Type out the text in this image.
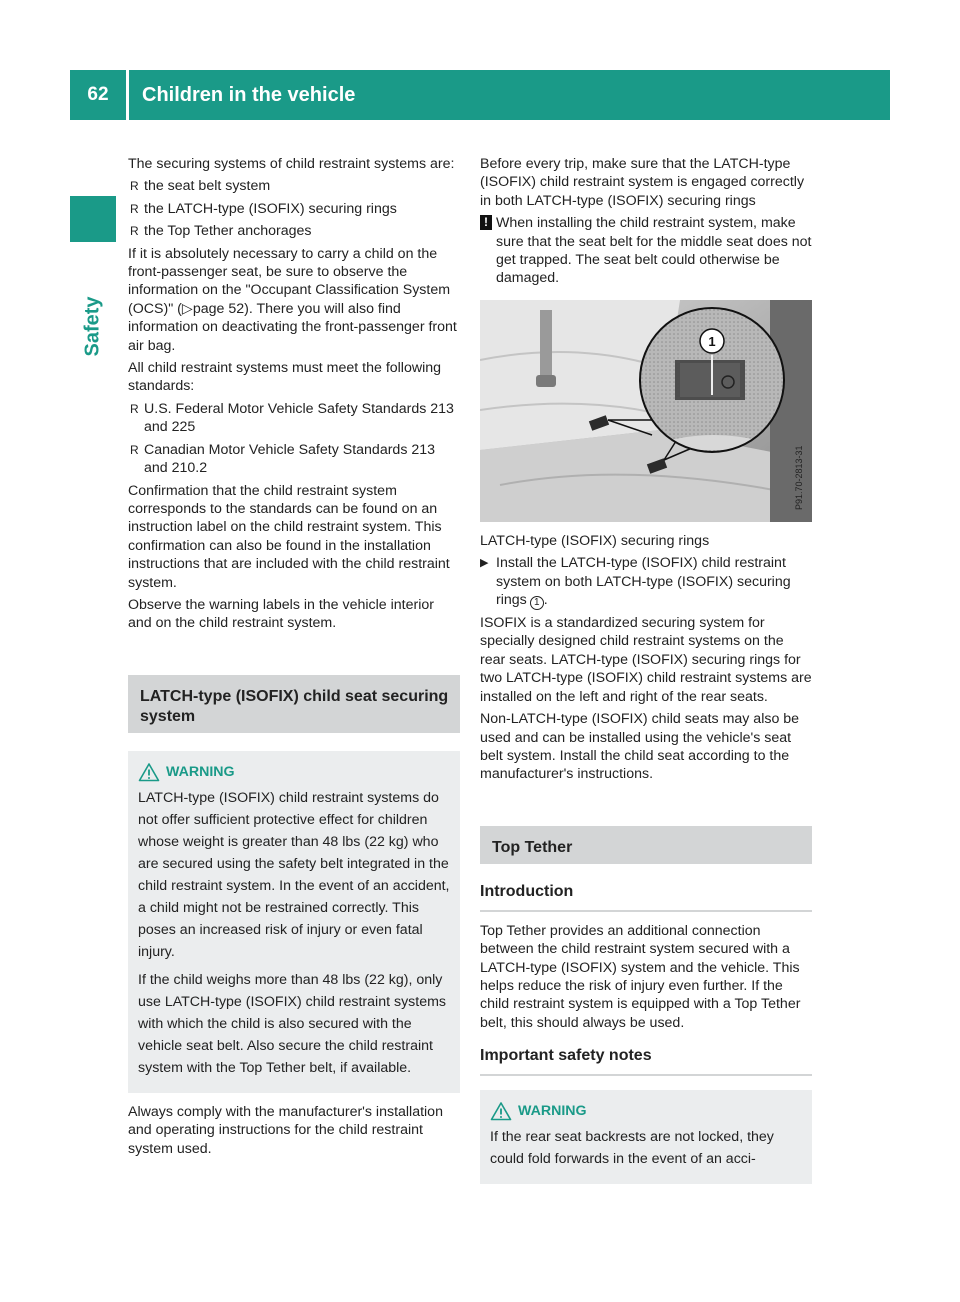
62	Children in the vehicle
Safety

The securing systems of child restraint systems are:

R the seat belt system
R the LATCH-type (ISOFIX) securing rings
R the Top Tether anchorages

If it is absolutely necessary to carry a child on the front-passenger seat, be sure to observe the information on the "Occupant Classification System (OCS)" (▷page 52). There you will also find information on deactivating the front-passenger front air bag.

All child restraint systems must meet the following standards:

R U.S. Federal Motor Vehicle Safety Standards 213 and 225
R Canadian Motor Vehicle Safety Standards 213 and 210.2

Confirmation that the child restraint system corresponds to the standards can be found on an instruction label on the child restraint system. This confirmation can also be found in the installation instructions that are included with the child restraint system.

Observe the warning labels in the vehicle interior and on the child restraint system.

LATCH-type (ISOFIX) child seat securing system
WARNING

LATCH-type (ISOFIX) child restraint systems do not offer sufficient protective effect for children whose weight is greater than 48 lbs (22 kg) who are secured using the safety belt integrated in the child restraint system. In the event of an accident, a child might not be restrained correctly. This poses an increased risk of injury or even fatal injury.

If the child weighs more than 48 lbs (22 kg), only use LATCH-type (ISOFIX) child restraint systems with which the child is also secured with the vehicle seat belt. Also secure the child restraint system with the Top Tether belt, if available.

Always comply with the manufacturer's installation and operating instructions for the child restraint system used.

Before every trip, make sure that the LATCH-type (ISOFIX) child restraint system is engaged correctly in both LATCH-type (ISOFIX) securing rings

! When installing the child restraint system, make sure that the seat belt for the middle seat does not get trapped. The seat belt could otherwise be damaged.
1
P91.70-2813-31

LATCH-type (ISOFIX) securing rings

▶ Install the LATCH-type (ISOFIX) child restraint system on both LATCH-type (ISOFIX) securing rings 1 .

ISOFIX is a standardized securing system for specially designed child restraint systems on the rear seats. LATCH-type (ISOFIX) securing rings for two LATCH-type (ISOFIX) child restraint systems are installed on the left and right of the rear seats.

Non-LATCH-type (ISOFIX) child seats may also be used and can be installed using the vehicle's seat belt system. Install the child seat according to the manufacturer's instructions.

Top Tether
Introduction

Top Tether provides an additional connection between the child restraint system secured with a LATCH-type (ISOFIX) system and the vehicle. This helps reduce the risk of injury even further. If the child restraint system is equipped with a Top Tether belt, this should always be used.

Important safety notes
WARNING

If the rear seat backrests are not locked, they could fold forwards in the event of an acci-
